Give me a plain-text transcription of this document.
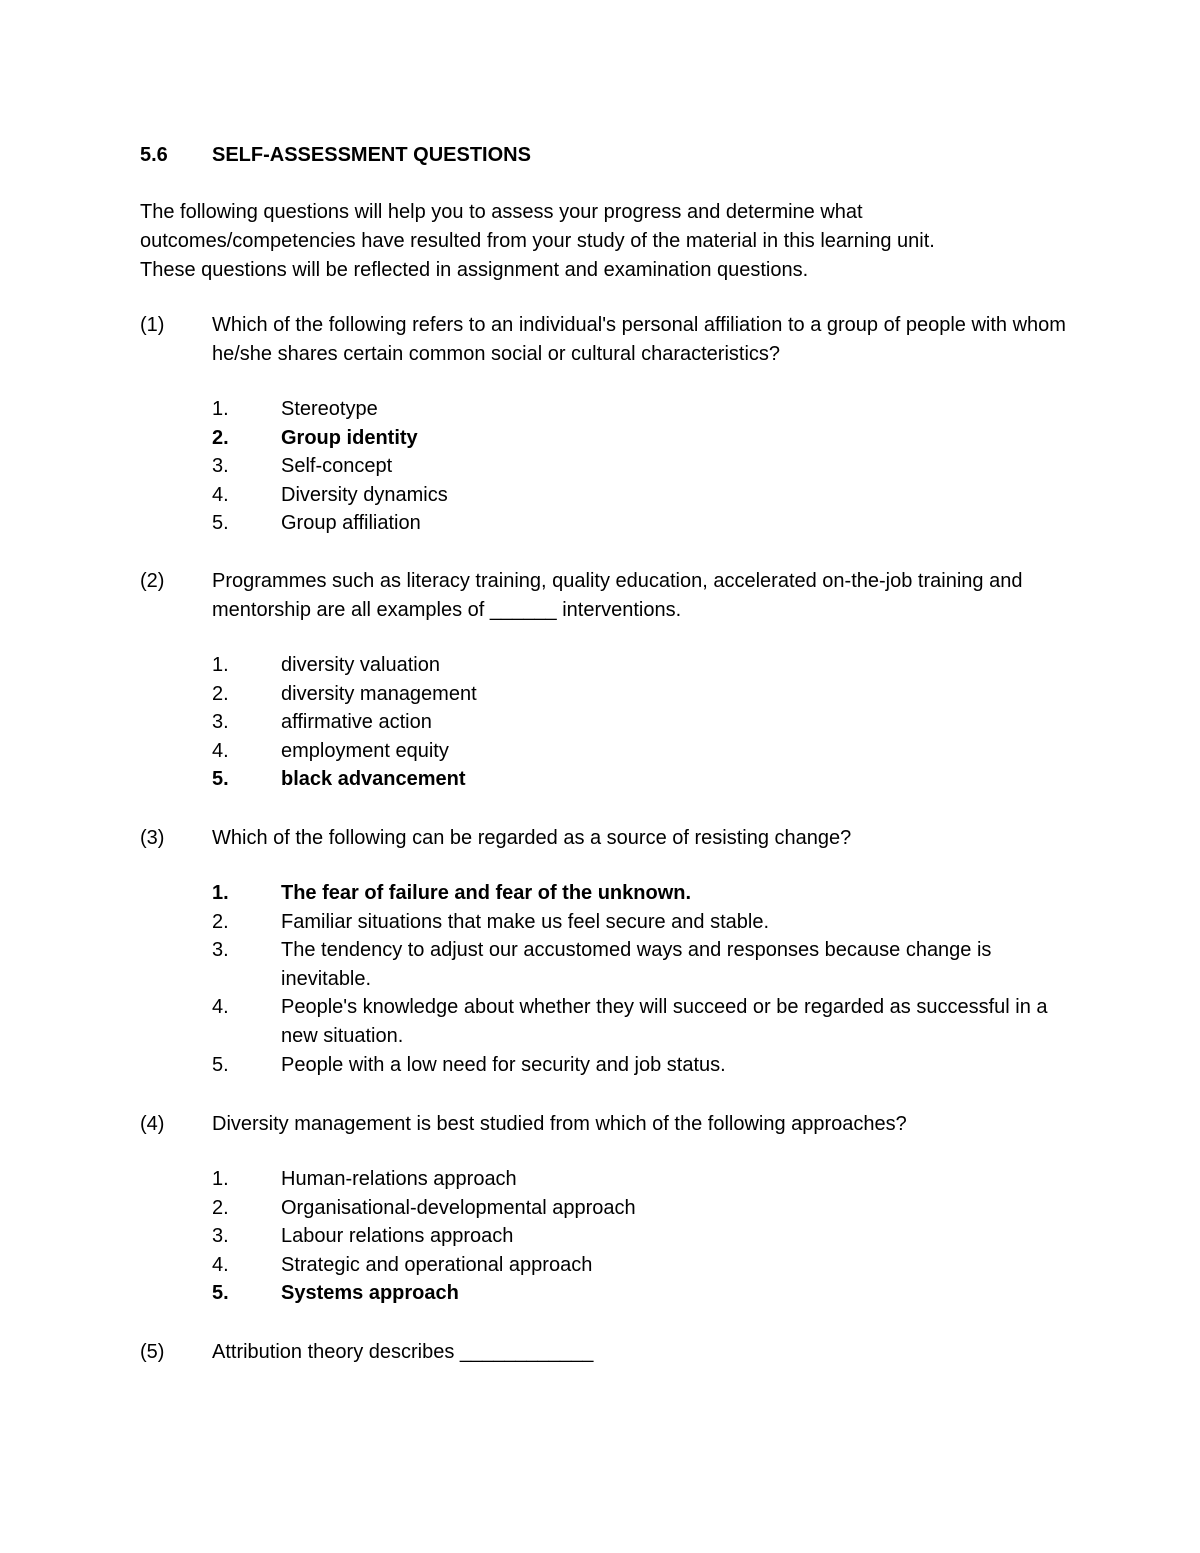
5.6 SELF-ASSESSMENT QUESTIONS

The following questions will help you to assess your progress and determine what

outcomes/competencies have resulted from your study of the material in this learning unit.

These questions will be reflected in assignment and examination questions.

(1)	Which of the following refers to an individual's personal affiliation to a group of people with whom he/she shares certain common social or cultural characteristics?
1.	Stereotype
2.	Group identity
3.	Self-concept
4.	Diversity dynamics
5.	Group affiliation
(2)	Programmes such as literacy training, quality education, accelerated on-the-job training and mentorship are all examples of ______ interventions.
1.	diversity valuation
2.	diversity management
3.	affirmative action
4.	employment equity
5.	black advancement
(3)	Which of the following can be regarded as a source of resisting change?
1.	The fear of failure and fear of the unknown.
2.	Familiar situations that make us feel secure and stable.
3.	The tendency to adjust our accustomed ways and responses because change is inevitable.
4.	People's knowledge about whether they will succeed or be regarded as successful in a new situation.
5.	People with a low need for security and job status.
(4)	Diversity management is best studied from which of the following approaches?
1.	Human-relations approach
2.	Organisational-developmental approach
3.	Labour relations approach
4.	Strategic and operational approach
5.	Systems approach
(5)	Attribution theory describes ____________
